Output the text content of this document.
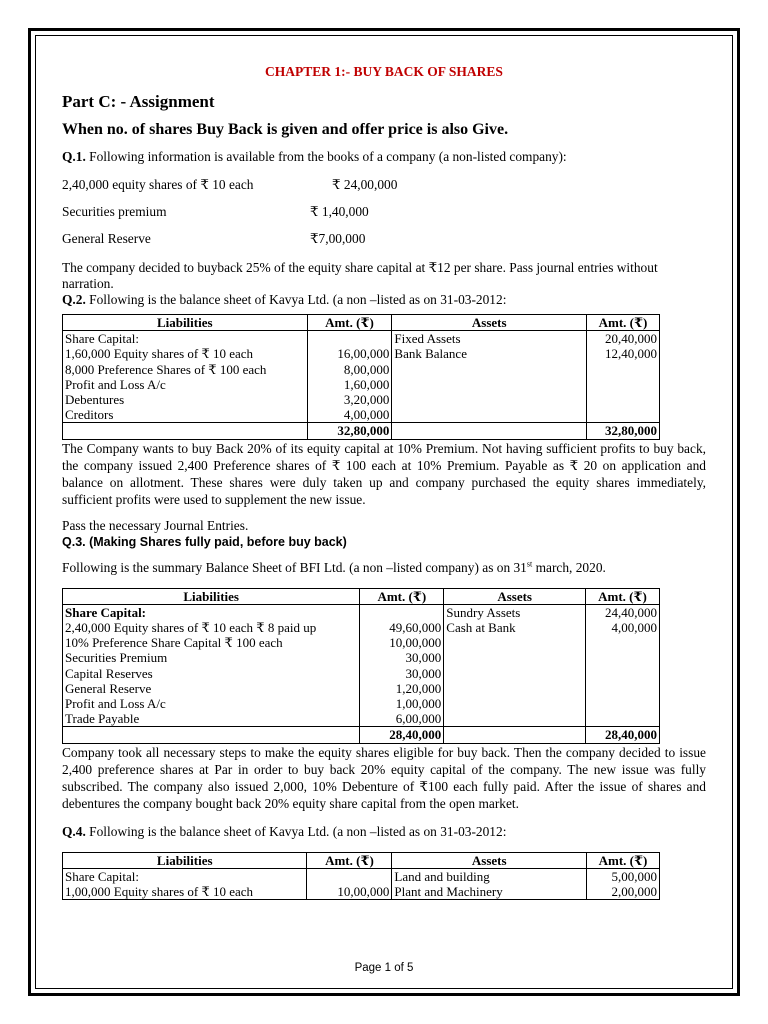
CHAPTER 1:- BUY BACK OF SHARES
Part C: - Assignment
When no. of shares Buy Back is given and offer price is also Give.

Q.1. Following information is available from the books of a company (a non-listed company):

2,40,000 equity shares of ₹ 10 each	₹ 24,00,000
Securities premium	₹ 1,40,000
General Reserve	₹7,00,000

The company decided to buyback 25% of the equity share capital at ₹12 per share. Pass journal entries without narration.

Q.2. Following is the balance sheet of Kavya Ltd. (a non –listed as on 31-03-2012:

Liabilities	Amt. (₹)	Assets	Amt. (₹)
Share Capital:		Fixed Assets	20,40,000
1,60,000 Equity shares of ₹ 10 each	16,00,000	Bank Balance	12,40,000
8,000 Preference Shares of ₹ 100 each	8,00,000		
Profit and Loss A/c	1,60,000		
Debentures	3,20,000		
Creditors	4,00,000		
	32,80,000		32,80,000

The Company wants to buy Back 20% of its equity capital at 10% Premium. Not having sufficient profits to buy back, the company issued 2,400 Preference shares of ₹ 100 each at 10% Premium. Payable as ₹ 20 on application and balance on allotment. These shares were duly taken up and company purchased the equity shares immediately, sufficient profits were used to supplement the new issue.

Pass the necessary Journal Entries.

Q.3. (Making Shares fully paid, before buy back)

Following is the summary Balance Sheet of BFI Ltd. (a non –listed company) as on 31st march, 2020.

Liabilities	Amt. (₹)	Assets	Amt. (₹)
Share Capital:		Sundry Assets	24,40,000
2,40,000 Equity shares of ₹ 10 each ₹ 8 paid up	49,60,000	Cash at Bank	4,00,000
10% Preference Share Capital ₹ 100 each	10,00,000		
Securities Premium	30,000		
Capital Reserves	30,000		
General Reserve	1,20,000		
Profit and Loss A/c	1,00,000		
Trade Payable	6,00,000		
	28,40,000		28,40,000

Company took all necessary steps to make the equity shares eligible for buy back. Then the company decided to issue 2,400 preference shares at Par in order to buy back 20% equity capital of the company. The new issue was fully subscribed. The company also issued 2,000, 10% Debenture of ₹100 each fully paid. After the issue of shares and debentures the company bought back 20% equity share capital from the open market.

Q.4. Following is the balance sheet of Kavya Ltd. (a non –listed as on 31-03-2012:

Liabilities	Amt. (₹)	Assets	Amt. (₹)
Share Capital:		Land and building	5,00,000
1,00,000 Equity shares of ₹ 10 each	10,00,000	Plant and Machinery	2,00,000
Page 1 of 5
